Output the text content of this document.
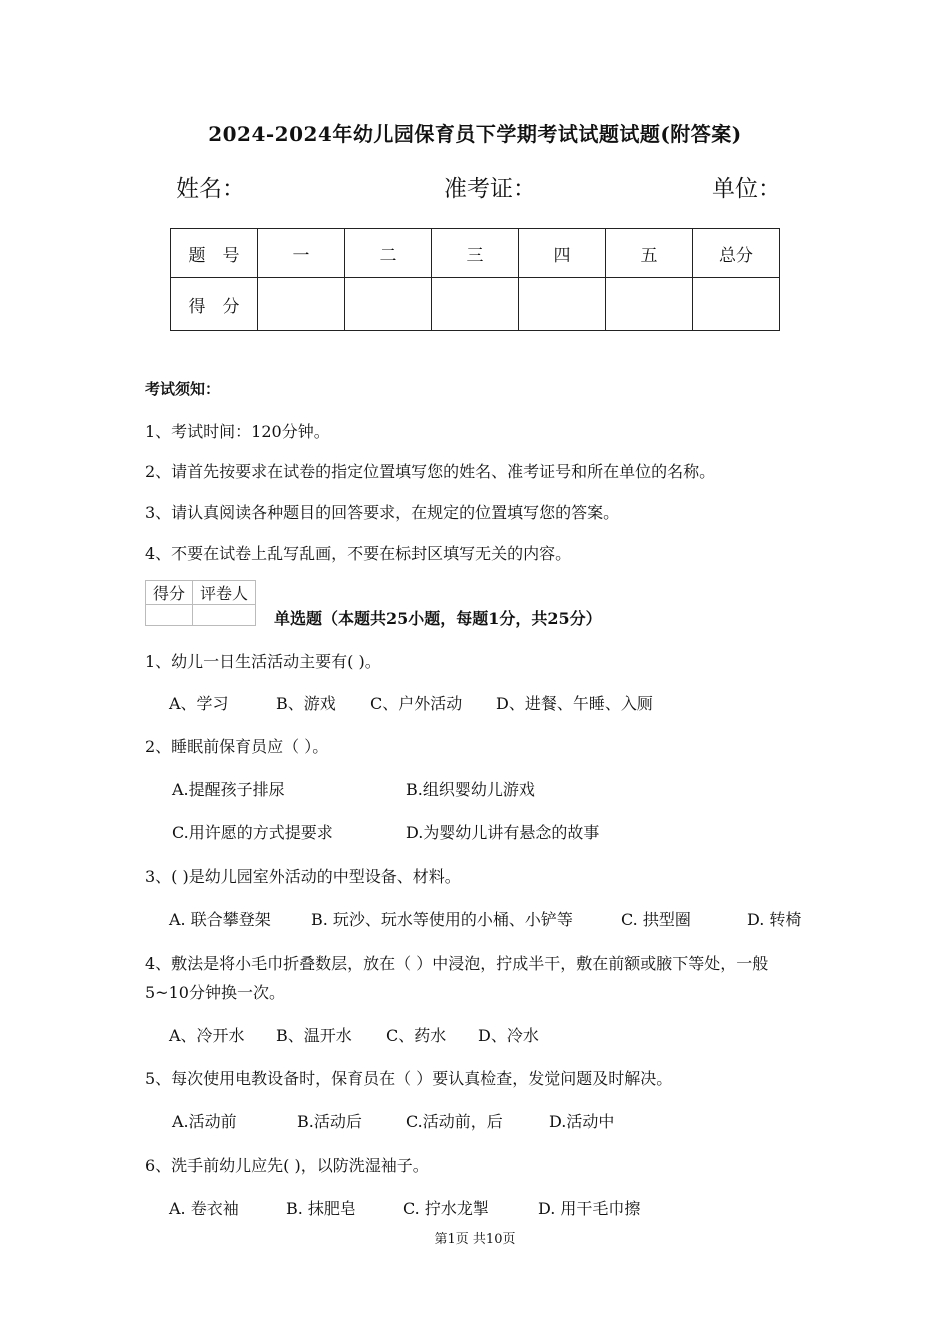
2024-2024年幼儿园保育员下学期考试试题试题(附答案)
姓名：	准考证：	单位：
题　号	一	二	三	四	五	总分
得　分						
考试须知：
1、考试时间：120分钟。
2、请首先按要求在试卷的指定位置填写您的姓名、准考证号和所在单位的名称。
3、请认真阅读各种题目的回答要求，在规定的位置填写您的答案。
4、不要在试卷上乱写乱画，不要在标封区填写无关的内容。
得分	评卷人

单选题（本题共25小题，每题1分，共25分）
1、幼儿一日生活活动主要有( )。
A、学习	B、游戏 C、户外活动 D、进餐、午睡、入厕
2、睡眠前保育员应（ ）。
A.提醒孩子排尿	B.组织婴幼儿游戏
C.用许愿的方式提要求	D.为婴幼儿讲有悬念的故事
3、( )是幼儿园室外活动的中型设备、材料。
A. 联合攀登架	B. 玩沙、玩水等使用的小桶、小铲等	C. 拱型圈	D. 转椅
4、敷法是将小毛巾折叠数层，放在（ ）中浸泡，拧成半干，敷在前额或腋下等处，一般
5~10分钟换一次。
A、冷开水 B、温开水 C、药水 D、冷水
5、每次使用电教设备时，保育员在（ ）要认真检查，发觉问题及时解决。
A.活动前	B.活动后	C.活动前，后	D.活动中
6、洗手前幼儿应先( )，以防洗湿袖子。
A. 卷衣袖	B. 抹肥皂	C. 拧水龙掣	D. 用干毛巾擦
第1页 共10页
